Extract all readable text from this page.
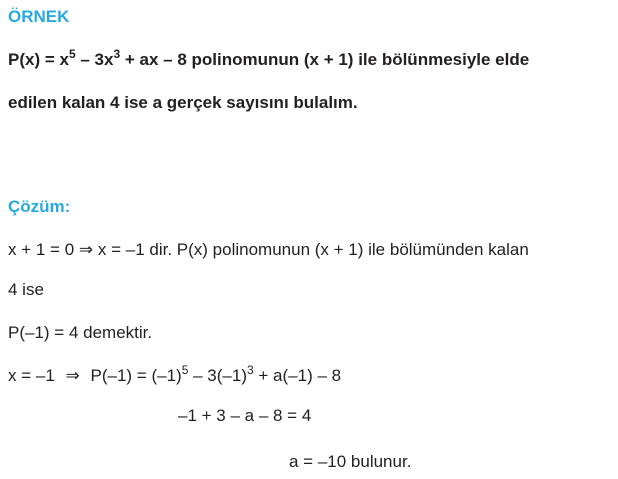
ÖRNEK
$P(x) = x^5 - 3x^3$ + ax – 8 polinomunun (x + 1) ile bölünmesiyle elde
edilen kalan 4 ise a gerçek sayısını bulalım.
Çözüm:
x + 1 = 0 ⇒ x = –1 dir. P(x) polinomunun (x + 1) ile bölümünden kalan
4 ise
P(–1) = 4 demektir.
x = –1 ⇒ $P(-1) = (-1)^5 - 3(-1)^3 + a(-1) - 8$
–1 + 3 – a – 8 = 4
a = –10 bulunur.
